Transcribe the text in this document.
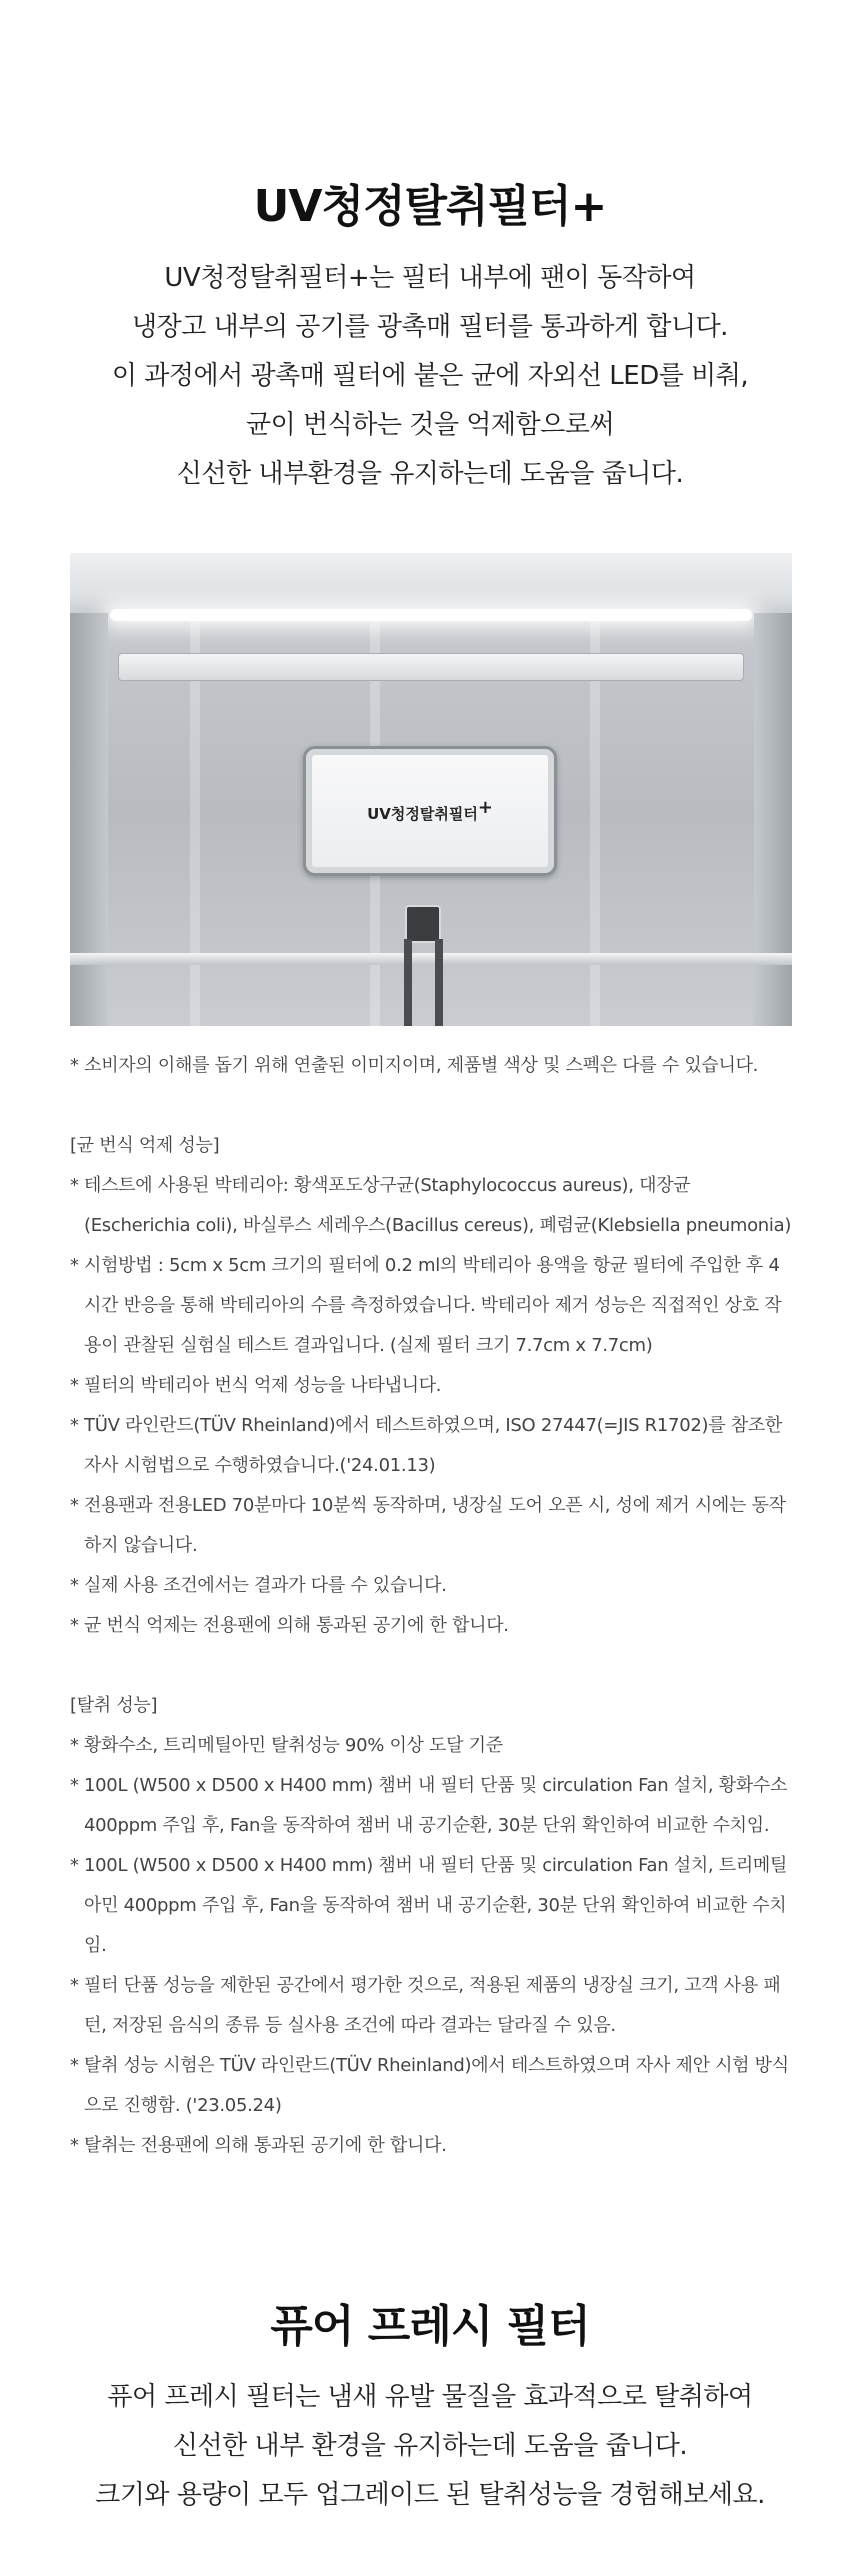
UV청정탈취필터+

UV청정탈취필터+는 필터 내부에 팬이 동작하여

냉장고 내부의 공기를 광촉매 필터를 통과하게 합니다.

이 과정에서 광촉매 필터에 붙은 균에 자외선 LED를 비춰,

균이 번식하는 것을 억제함으로써

신선한 내부환경을 유지하는데 도움을 줍니다.

UV청정탈취필터+

* 소비자의 이해를 돕기 위해 연출된 이미지이며, 제품별 색상 및 스펙은 다를 수 있습니다.

[균 번식 억제 성능]

* 테스트에 사용된 박테리아: 황색포도상구균(Staphylococcus aureus), 대장균(Escherichia coli), 바실루스 세레우스(Bacillus cereus), 폐렴균(Klebsiella pneumonia)
* 시험방법 : 5cm x 5cm 크기의 필터에 0.2 ml의 박테리아 용액을 항균 필터에 주입한 후 4시간 반응을 통해 박테리아의 수를 측정하였습니다. 박테리아 제거 성능은 직접적인 상호 작용이 관찰된 실험실 테스트 결과입니다. (실제 필터 크기 7.7cm x 7.7cm)
* 필터의 박테리아 번식 억제 성능을 나타냅니다.
* TÜV 라인란드(TÜV Rheinland)에서 테스트하였으며, ISO 27447(=JIS R1702)를 참조한 자사 시험법으로 수행하였습니다.('24.01.13)
* 전용팬과 전용LED 70분마다 10분씩 동작하며, 냉장실 도어 오픈 시, 성에 제거 시에는 동작 하지 않습니다.
* 실제 사용 조건에서는 결과가 다를 수 있습니다.
* 균 번식 억제는 전용팬에 의해 통과된 공기에 한 합니다.

[탈취 성능]

* 황화수소, 트리메틸아민 탈취성능 90% 이상 도달 기준
* 100L (W500 x D500 x H400 mm) 챔버 내 필터 단품 및 circulation Fan 설치, 황화수소 400ppm 주입 후, Fan을 동작하여 챔버 내 공기순환, 30분 단위 확인하여 비교한 수치임.
* 100L (W500 x D500 x H400 mm) 챔버 내 필터 단품 및 circulation Fan 설치, 트리메틸아민 400ppm 주입 후, Fan을 동작하여 챔버 내 공기순환, 30분 단위 확인하여 비교한 수치임.
* 필터 단품 성능을 제한된 공간에서 평가한 것으로, 적용된 제품의 냉장실 크기, 고객 사용 패턴, 저장된 음식의 종류 등 실사용 조건에 따라 결과는 달라질 수 있음.
* 탈취 성능 시험은 TÜV 라인란드(TÜV Rheinland)에서 테스트하였으며 자사 제안 시험 방식으로 진행함. ('23.05.24)
* 탈취는 전용팬에 의해 통과된 공기에 한 합니다.
퓨어 프레시 필터

퓨어 프레시 필터는 냄새 유발 물질을 효과적으로 탈취하여

신선한 내부 환경을 유지하는데 도움을 줍니다.

크기와 용량이 모두 업그레이드 된 탈취성능을 경험해보세요.
